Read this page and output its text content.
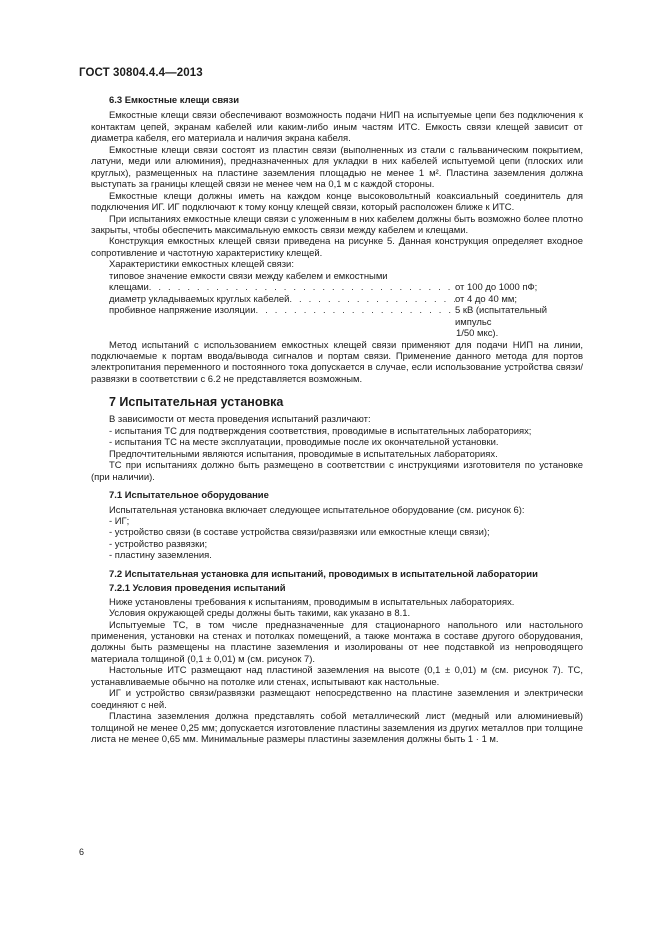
ГОСТ 30804.4.4—2013
6.3 Емкостные клещи связи

Емкостные клещи связи обеспечивают возможность подачи НИП на испытуемые цепи без подключения к контактам цепей, экранам кабелей или каким-либо иным частям ИТС. Емкость связи клещей зависит от диаметра кабеля, его материала и наличия экрана кабеля.

Емкостные клещи связи состоят из пластин связи (выполненных из стали с гальваническим покрытием, латуни, меди или алюминия), предназначенных для укладки в них кабелей испытуемой цепи (плоских или круглых), размещенных на пластине заземления площадью не менее 1 м². Пластина заземления должна выступать за границы клещей связи не менее чем на 0,1 м с каждой стороны.

Емкостные клещи должны иметь на каждом конце высоковольтный коаксиальный соединитель для подключения ИГ. ИГ подключают к тому концу клещей связи, который расположен ближе к ИТС.

При испытаниях емкостные клещи связи с уложенным в них кабелем должны быть возможно более плотно закрыты, чтобы обеспечить максимальную емкость связи между кабелем и клещами.

Конструкция емкостных клещей связи приведена на рисунке 5. Данная конструкция определяет входное сопротивление и частотную характеристику клещей.

Характеристики емкостных клещей связи:

типовое значение емкости связи между кабелем и емкостными

клещами . . .	от 100 до 1000 пФ;
диаметр укладываемых круглых кабелей . . .	от 4 до 40 мм;
пробивное напряжение изоляции . . .	5 кВ (испытательный импульс
1/50 мкс).

Метод испытаний с использованием емкостных клещей связи применяют для подачи НИП на линии, подключаемые к портам ввода/вывода сигналов и портам связи. Применение данного метода для портов электропитания переменного и постоянного тока допускается в случае, если использование устройства связи/ развязки в соответствии с 6.2 не представляется возможным.

7 Испытательная установка

В зависимости от места проведения испытаний различают:

- испытания ТС для подтверждения соответствия, проводимые в испытательных лабораториях;

- испытания ТС на месте эксплуатации, проводимые после их окончательной установки.

Предпочтительными являются испытания, проводимые в испытательных лабораториях.

ТС при испытаниях должно быть размещено в соответствии с инструкциями изготовителя по установке (при наличии).

7.1 Испытательное оборудование

Испытательная установка включает следующее испытательное оборудование (см. рисунок 6):

- ИГ;

- устройство связи (в составе устройства связи/развязки или емкостные клещи связи);

- устройство развязки;

- пластину заземления.

7.2 Испытательная установка для испытаний, проводимых в испытательной лаборатории
7.2.1 Условия проведения испытаний

Ниже установлены требования к испытаниям, проводимым в испытательных лабораториях.

Условия окружающей среды должны быть такими, как указано в 8.1.

Испытуемые ТС, в том числе предназначенные для стационарного напольного или настольного применения, установки на стенах и потолках помещений, а также монтажа в составе другого оборудования, должны быть размещены на пластине заземления и изолированы от нее подставкой из непроводящего материала толщиной (0,1 ± 0,01) м (см. рисунок 7).

Настольные ИТС размещают над пластиной заземления на высоте (0,1 ± 0,01) м (см. рисунок 7). ТС, устанавливаемые обычно на потолке или стенах, испытывают как настольные.

ИГ и устройство связи/развязки размещают непосредственно на пластине заземления и электрически соединяют с ней.

Пластина заземления должна представлять собой металлический лист (медный или алюминиевый) толщиной не менее 0,25 мм; допускается изготовление пластины заземления из других металлов при толщине листа не менее 0,65 мм. Минимальные размеры пластины заземления должны быть 1 · 1 м.

6
